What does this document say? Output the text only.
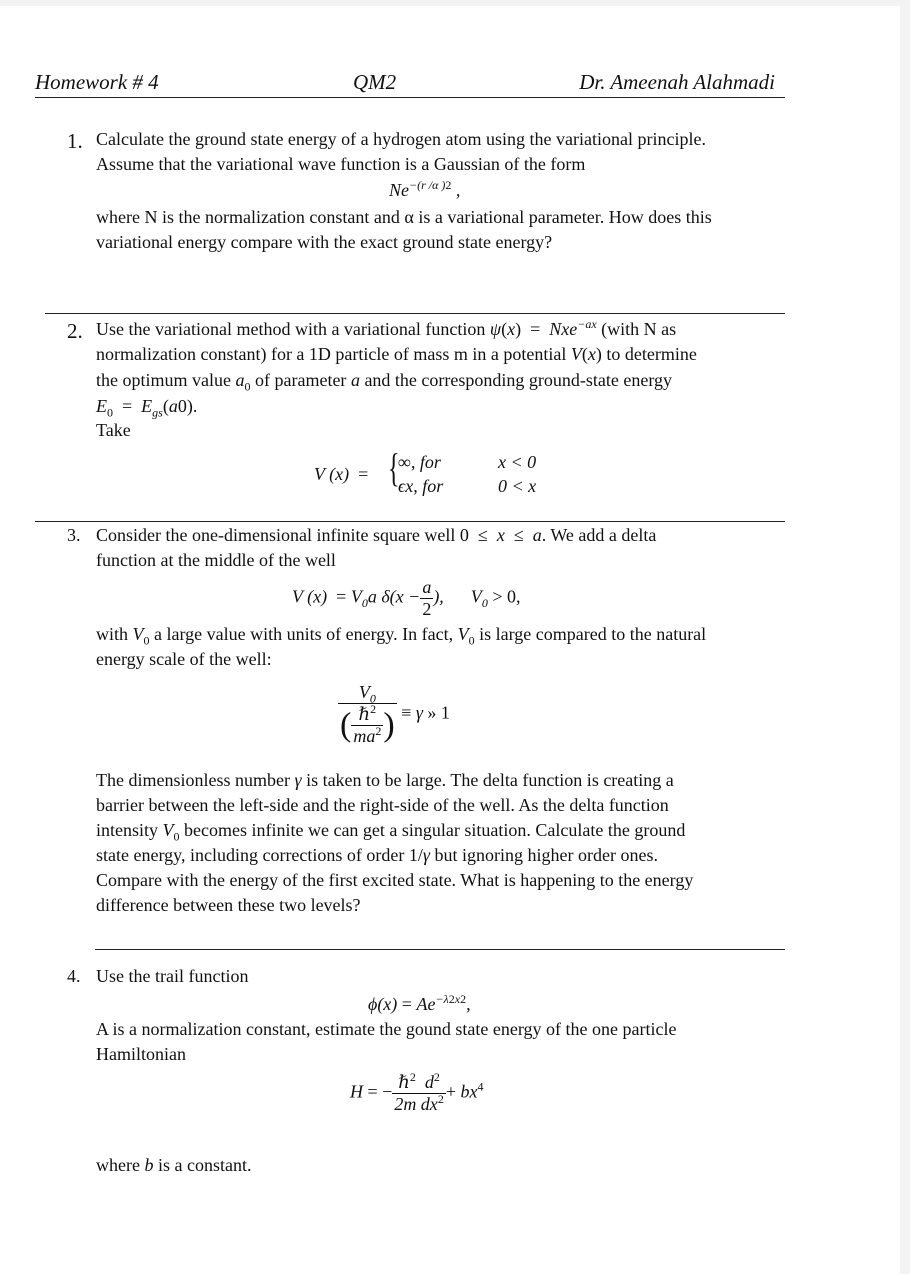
Homework # 4	QM2	Dr. Ameenah Alahmadi
1. Calculate the ground state energy of a hydrogen atom using the variational principle.
Assume that the variational wave function is a Gaussian of the form
$Ne^{-(r /\alpha )2}$ ,
where N is the normalization constant and α is a variational parameter. How does this
variational energy compare with the exact ground state energy?
2. Use the variational method with a variational function ψ(x)  =  Nxe$^{-ax}$ (with N as
normalization constant) for a 1D particle of mass m in a potential V(x) to determine
the optimum value $a_0$ of parameter a and the corresponding ground-state energy
$E_0 = E_{gs}(a0)$.
Take
V (x)  = {
∞, for	x < 0
ϵx, for	0 < x
3. Consider the one-dimensional infinite square well 0  ≤  x  ≤  a. We add a delta
function at the middle of the well
V $(x) = V_0a$ $\delta(x - \frac{a}{2}$ ),      $V_0 > 0$,
with $V_0$ a large value with units of energy. In fact, $V_0$ is large compared to the natural
energy scale of the well:
$\frac{V_0}{( \frac{\hbar^2}{ma^2} )} \equiv \gamma$ » 1
The dimensionless number γ is taken to be large. The delta function is creating a
barrier between the left-side and the right-side of the well. As the delta function
intensity $V_0$ becomes infinite we can get a singular situation. Calculate the ground
state energy, including corrections of order 1/γ but ignoring higher order ones.
Compare with the energy of the first excited state. What is happening to the energy
difference between these two levels?
4. Use the trail function
$\phi(x) = Ae^{-\lambda 2x2}$,
A is a normalization constant, estimate the gound state energy of the one particle
Hamiltonian
H = − $\frac{\hbar^2 d^2}{2m dx^2} + bx^4$
where b is a constant.
